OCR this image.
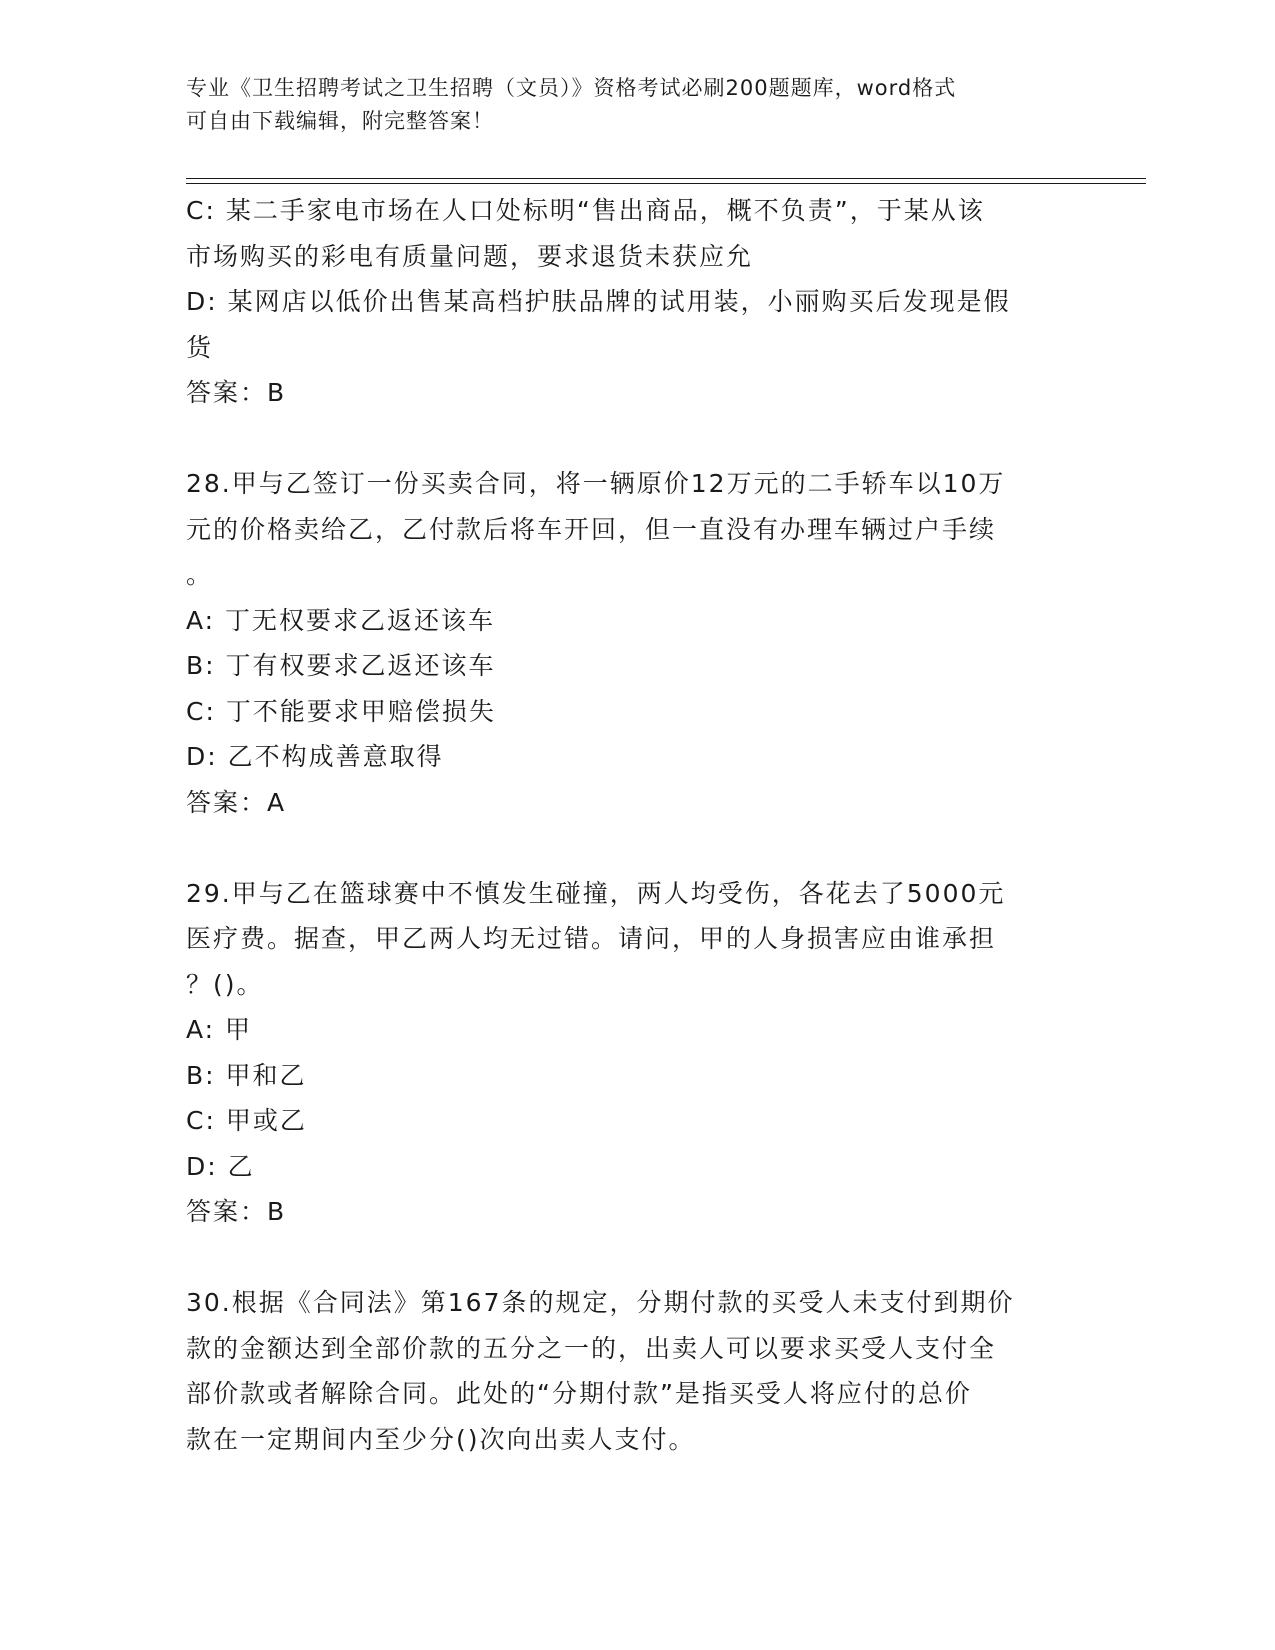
专业《卫生招聘考试之卫生招聘（文员）》资格考试必刷200题题库，word格式
可自由下载编辑，附完整答案！
C: 某二手家电市场在人口处标明“售出商品，概不负责”，于某从该
市场购买的彩电有质量问题，要求退货未获应允
D: 某网店以低价出售某高档护肤品牌的试用装，小丽购买后发现是假
货
答案：B
28.甲与乙签订一份买卖合同，将一辆原价12万元的二手轿车以10万
元的价格卖给乙，乙付款后将车开回，但一直没有办理车辆过户手续
。
A: 丁无权要求乙返还该车
B: 丁有权要求乙返还该车
C: 丁不能要求甲赔偿损失
D: 乙不构成善意取得
答案：A
29.甲与乙在篮球赛中不慎发生碰撞，两人均受伤，各花去了5000元
医疗费。据查，甲乙两人均无过错。请问，甲的人身损害应由谁承担
？()。
A: 甲
B: 甲和乙
C: 甲或乙
D: 乙
答案：B
30.根据《合同法》第167条的规定，分期付款的买受人未支付到期价
款的金额达到全部价款的五分之一的，出卖人可以要求买受人支付全
部价款或者解除合同。此处的“分期付款”是指买受人将应付的总价
款在一定期间内至少分()次向出卖人支付。
